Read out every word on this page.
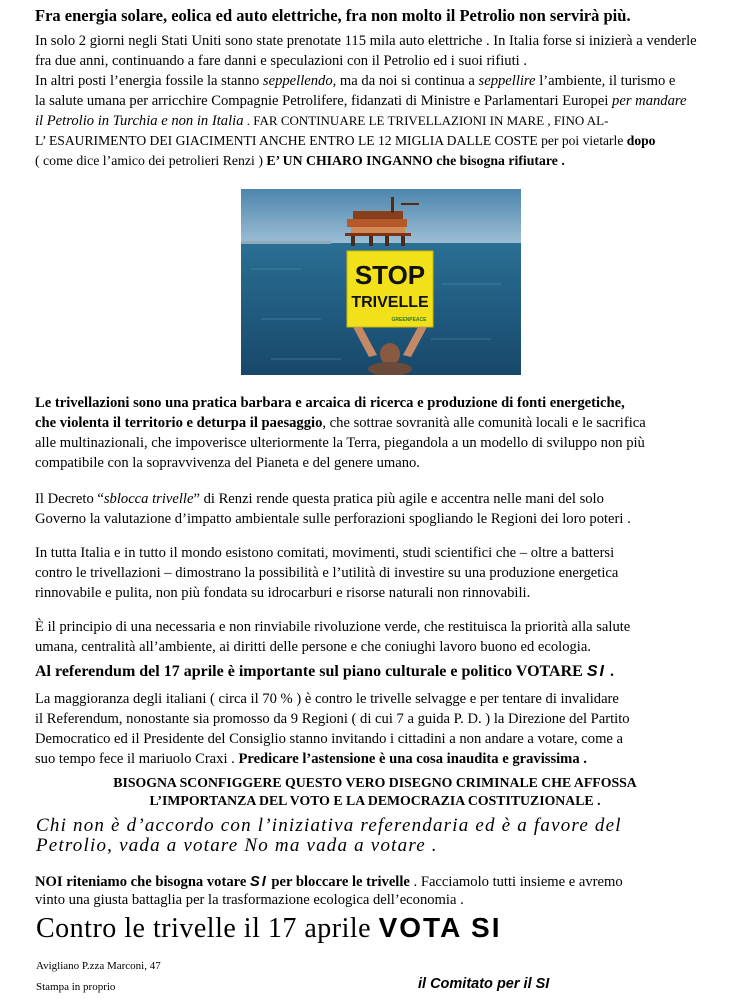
Fra energia solare, eolica ed auto elettriche, fra non molto il Petrolio non servirà più.
In solo 2 giorni negli Stati Uniti sono state prenotate 115 mila auto elettriche . In Italia forse si inizierà a venderle
fra due anni, continuando a fare danni e speculazioni con il Petrolio ed i suoi rifiuti .
In altri posti l’energia fossile la stanno seppellendo, ma da noi si continua a seppellire l’ambiente, il turismo e
la salute umana per arricchire Compagnie Petrolifere, fidanzati di Ministre e Parlamentari Europei per mandare
il Petrolio in Turchia e non in Italia . FAR CONTINUARE LE TRIVELLAZIONI IN MARE , FINO AL-
L’ ESAURIMENTO DEI GIACIMENTI ANCHE ENTRO LE 12 MIGLIA DALLE COSTE per poi vietarle dopo
( come dice l’amico dei petrolieri Renzi ) E’ UN CHIARO INGANNO che bisogna rifiutare .
STOP
TRIVELLE
GREENPEACE
Le trivellazioni sono una pratica barbara e arcaica di ricerca e produzione di fonti energetiche,
che violenta il territorio e deturpa il paesaggio, che sottrae sovranità alle comunità locali e le sacrifica
alle multinazionali, che impoverisce ulteriormente la Terra, piegandola a un modello di sviluppo non più
compatibile con la sopravvivenza del Pianeta e del genere umano.
Il Decreto “sblocca trivelle” di Renzi rende questa pratica più agile e accentra nelle mani del solo
Governo la valutazione d’impatto ambientale sulle perforazioni spogliando le Regioni dei loro poteri .
In tutta Italia e in tutto il mondo esistono comitati, movimenti, studi scientifici che – oltre a battersi
contro le trivellazioni – dimostrano la possibilità e l’utilità di investire su una produzione energetica
rinnovabile e pulita, non più fondata su idrocarburi e risorse naturali non rinnovabili.
È il principio di una necessaria e non rinviabile rivoluzione verde, che restituisca la priorità alla salute
umana, centralità all’ambiente, ai diritti delle persone e che coniughi lavoro buono ed ecologia.
Al referendum del 17 aprile è importante sul piano culturale e politico VOTARE SI .
La maggioranza degli italiani ( circa il 70 % ) è contro le trivelle selvagge e per tentare di invalidare
il Referendum, nonostante sia promosso da 9 Regioni ( di cui 7 a guida P. D. ) la Direzione del Partito
Democratico ed il Presidente del Consiglio stanno invitando i cittadini a non andare a votare, come a
suo tempo fece il mariuolo Craxi . Predicare l’astensione è una cosa inaudita e gravissima .
BISOGNA SCONFIGGERE QUESTO VERO DISEGNO CRIMINALE CHE AFFOSSA
L’IMPORTANZA DEL VOTO E LA DEMOCRAZIA COSTITUZIONALE .
Chi non è d’accordo con l’iniziativa referendaria ed è a favore del
Petrolio, vada a votare No ma vada a votare .
NOI riteniamo che bisogna votare SI per bloccare le trivelle . Facciamolo tutti insieme e avremo
vinto una giusta battaglia per la trasformazione ecologica dell’economia .
Contro le trivelle il 17 aprile VOTA SI
Avigliano P.zza Marconi, 47
Stampa in proprio	il Comitato per il SI
